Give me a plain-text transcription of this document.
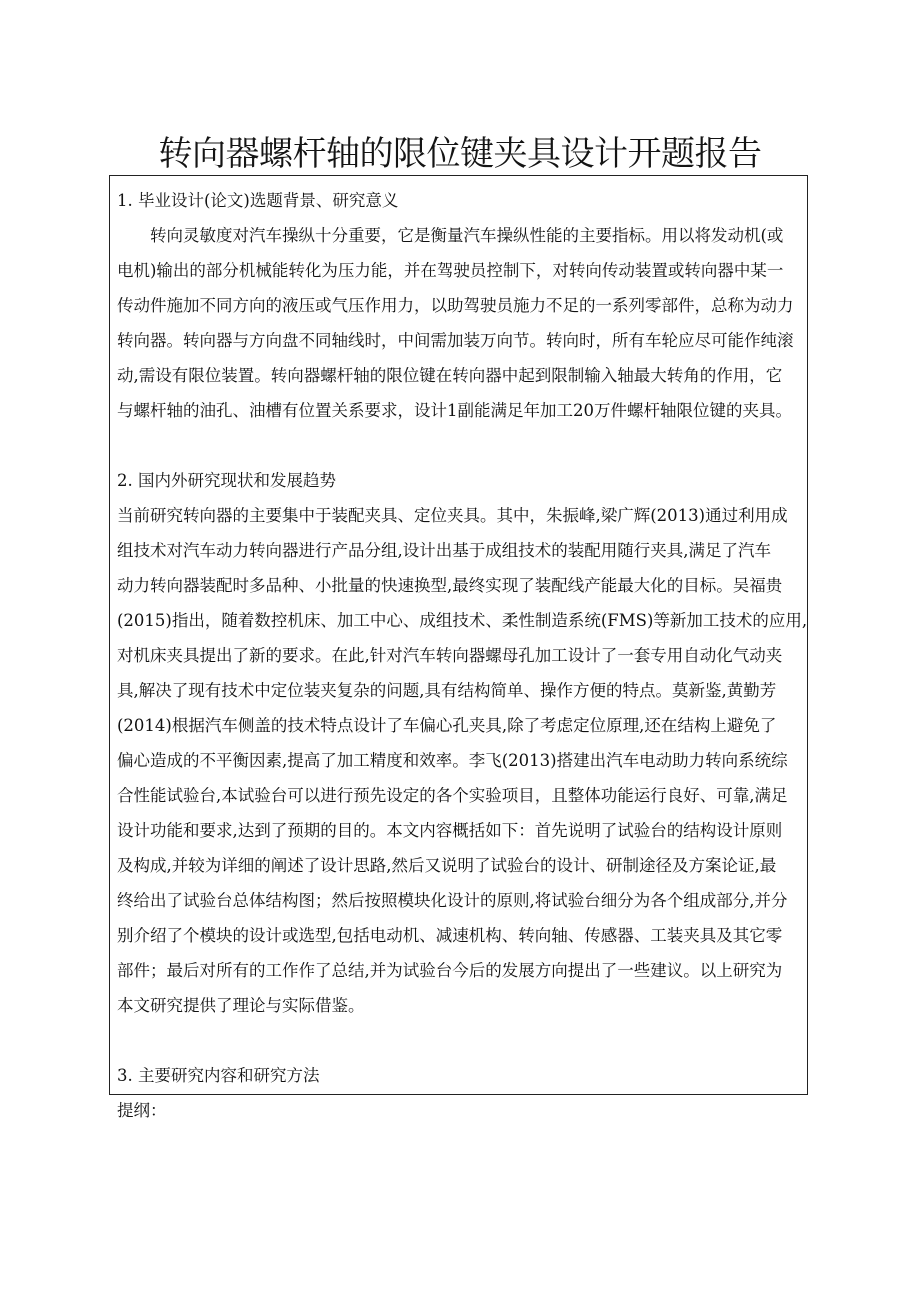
转向器螺杆轴的限位键夹具设计开题报告
1. 毕业设计(论文)选题背景、研究意义
转向灵敏度对汽车操纵十分重要，它是衡量汽车操纵性能的主要指标。用以将发动机(或
电机)输出的部分机械能转化为压力能，并在驾驶员控制下，对转向传动装置或转向器中某一
传动件施加不同方向的液压或气压作用力，以助驾驶员施力不足的一系列零部件，总称为动力
转向器。转向器与方向盘不同轴线时，中间需加装万向节。转向时，所有车轮应尽可能作纯滚
动,需设有限位装置。转向器螺杆轴的限位键在转向器中起到限制输入轴最大转角的作用，它
与螺杆轴的油孔、油槽有位置关系要求，设计1副能满足年加工20万件螺杆轴限位键的夹具。
2. 国内外研究现状和发展趋势
当前研究转向器的主要集中于装配夹具、定位夹具。其中，朱振峰,梁广辉(2013)通过利用成
组技术对汽车动力转向器进行产品分组,设计出基于成组技术的装配用随行夹具,满足了汽车
动力转向器装配时多品种、小批量的快速换型,最终实现了装配线产能最大化的目标。吴福贵
(2015)指出，随着数控机床、加工中心、成组技术、柔性制造系统(FMS)等新加工技术的应用,
对机床夹具提出了新的要求。在此,针对汽车转向器螺母孔加工设计了一套专用自动化气动夹
具,解决了现有技术中定位装夹复杂的问题,具有结构简单、操作方便的特点。莫新鉴,黄勤芳
(2014)根据汽车侧盖的技术特点设计了车偏心孔夹具,除了考虑定位原理,还在结构上避免了
偏心造成的不平衡因素,提高了加工精度和效率。李飞(2013)搭建出汽车电动助力转向系统综
合性能试验台,本试验台可以进行预先设定的各个实验项目，且整体功能运行良好、可靠,满足
设计功能和要求,达到了预期的目的。本文内容概括如下：首先说明了试验台的结构设计原则
及构成,并较为详细的阐述了设计思路,然后又说明了试验台的设计、研制途径及方案论证,最
终给出了试验台总体结构图；然后按照模块化设计的原则,将试验台细分为各个组成部分,并分
别介绍了个模块的设计或选型,包括电动机、减速机构、转向轴、传感器、工装夹具及其它零
部件；最后对所有的工作作了总结,并为试验台今后的发展方向提出了一些建议。以上研究为
本文研究提供了理论与实际借鉴。
3. 主要研究内容和研究方法

提纲：
